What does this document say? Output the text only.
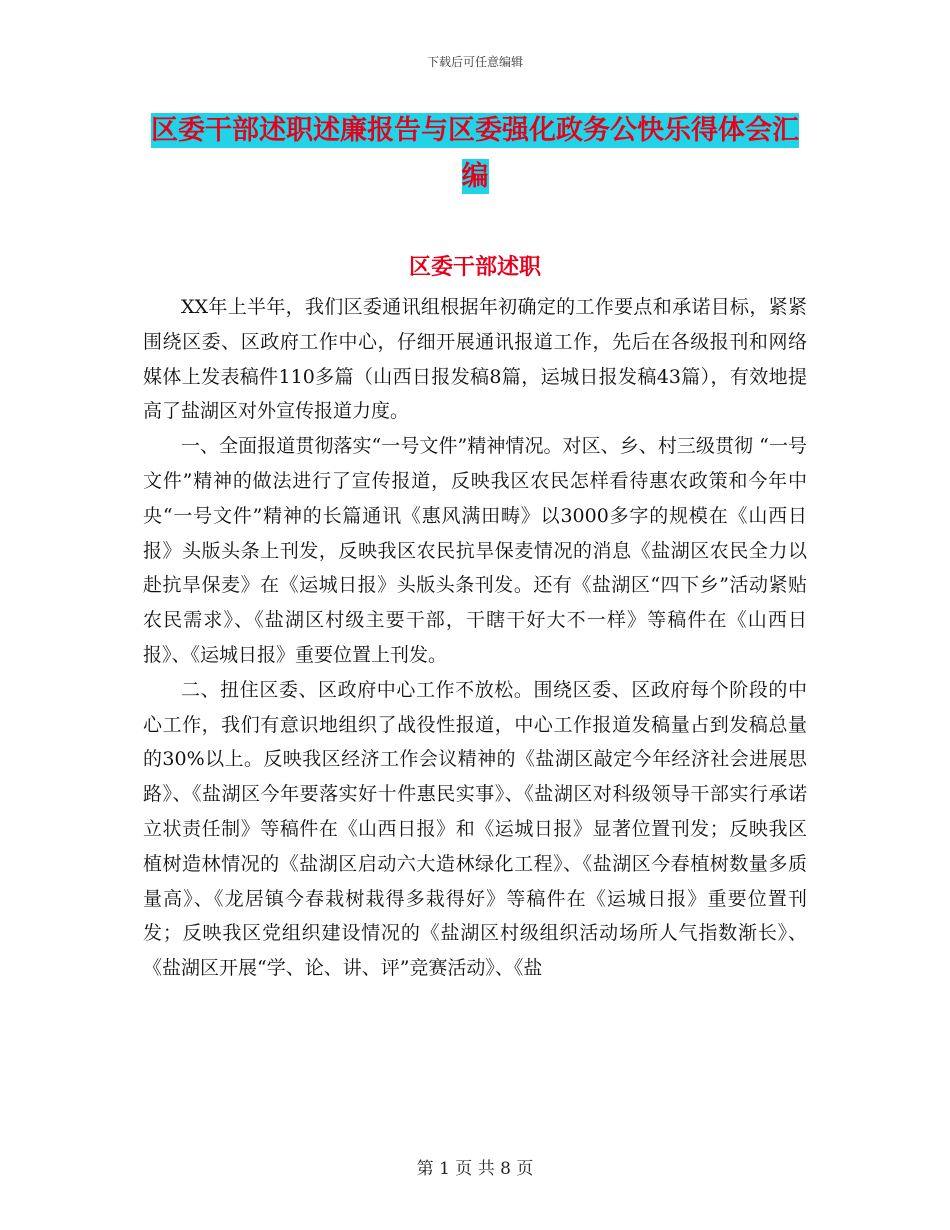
下载后可任意编辑
区委干部述职述廉报告与区委强化政务公快乐得体会汇编
区委干部述职

XX年上半年，我们区委通讯组根据年初确定的工作要点和承诺目标，紧紧围绕区委、区政府工作中心，仔细开展通讯报道工作，先后在各级报刊和网络媒体上发表稿件110多篇（山西日报发稿8篇，运城日报发稿43篇），有效地提高了盐湖区对外宣传报道力度。

一、全面报道贯彻落实“一号文件”精神情况。对区、乡、村三级贯彻 “一号文件”精神的做法进行了宣传报道，反映我区农民怎样看待惠农政策和今年中央“一号文件”精神的长篇通讯《惠风满田畴》以3000多字的规模在《山西日报》头版头条上刊发，反映我区农民抗旱保麦情况的消息《盐湖区农民全力以赴抗旱保麦》在《运城日报》头版头条刊发。还有《盐湖区“四下乡”活动紧贴农民需求》、《盐湖区村级主要干部，干瞎干好大不一样》等稿件在《山西日报》、《运城日报》重要位置上刊发。

二、扭住区委、区政府中心工作不放松。围绕区委、区政府每个阶段的中心工作，我们有意识地组织了战役性报道，中心工作报道发稿量占到发稿总量的30%以上。反映我区经济工作会议精神的《盐湖区敲定今年经济社会进展思路》、《盐湖区今年要落实好十件惠民实事》、《盐湖区对科级领导干部实行承诺立状责任制》等稿件在《山西日报》和《运城日报》显著位置刊发；反映我区植树造林情况的《盐湖区启动六大造林绿化工程》、《盐湖区今春植树数量多质量高》、《龙居镇今春栽树栽得多栽得好》等稿件在《运城日报》重要位置刊发；反映我区党组织建设情况的《盐湖区村级组织活动场所人气指数渐长》、《盐湖区开展“学、论、讲、评”竞赛活动》、《盐

第 1 页 共 8 页
